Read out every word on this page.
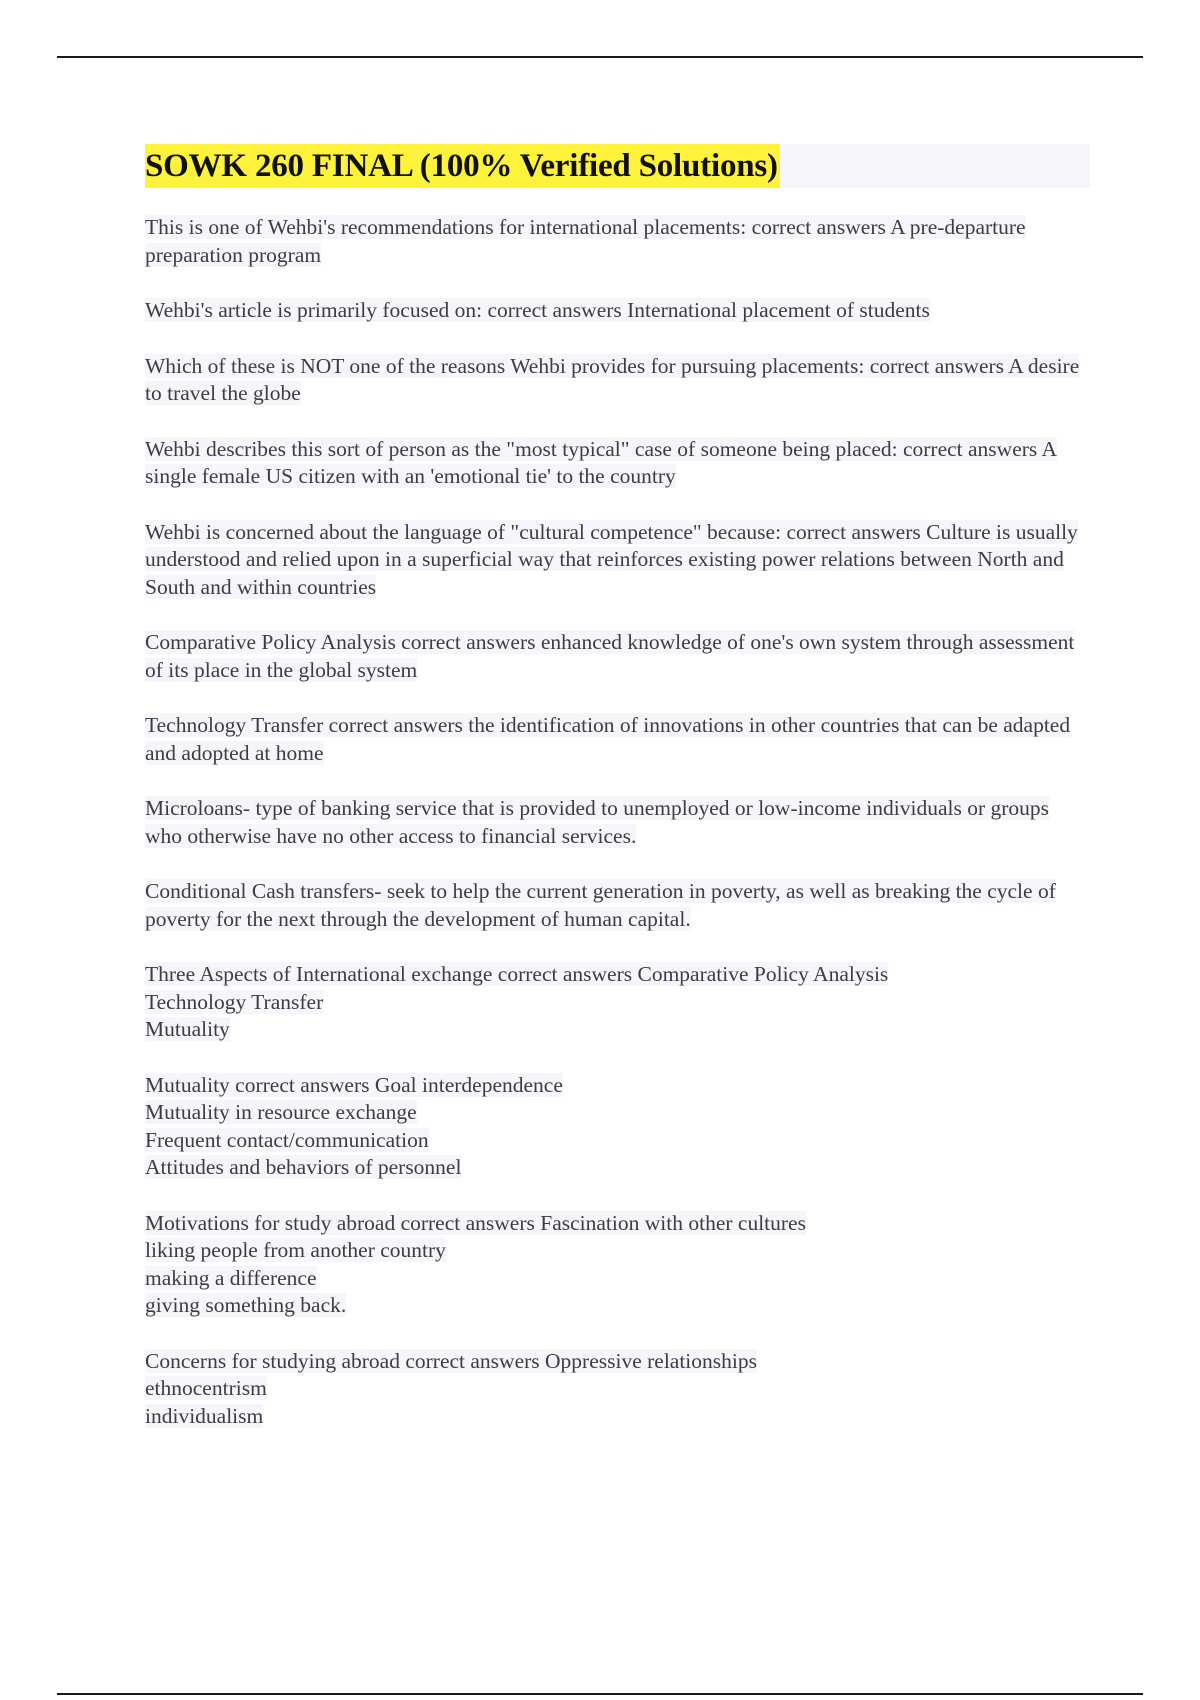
SOWK 260 FINAL (100% Verified Solutions)

This is one of Wehbi's recommendations for international placements: correct answers A pre-departure preparation program

Wehbi's article is primarily focused on: correct answers International placement of students

Which of these is NOT one of the reasons Wehbi provides for pursuing placements: correct answers A desire to travel the globe

Wehbi describes this sort of person as the "most typical" case of someone being placed: correct answers A single female US citizen with an 'emotional tie' to the country

Wehbi is concerned about the language of "cultural competence" because: correct answers Culture is usually understood and relied upon in a superficial way that reinforces existing power relations between North and South and within countries

Comparative Policy Analysis correct answers enhanced knowledge of one's own system through assessment of its place in the global system

Technology Transfer correct answers the identification of innovations in other countries that can be adapted and adopted at home

Microloans- type of banking service that is provided to unemployed or low-income individuals or groups who otherwise have no other access to financial services.

Conditional Cash transfers- seek to help the current generation in poverty, as well as breaking the cycle of poverty for the next through the development of human capital.

Three Aspects of International exchange correct answers Comparative Policy Analysis
Technology Transfer
Mutuality

Mutuality correct answers Goal interdependence
Mutuality in resource exchange
Frequent contact/communication
Attitudes and behaviors of personnel

Motivations for study abroad correct answers Fascination with other cultures
liking people from another country
making a difference
giving something back.

Concerns for studying abroad correct answers Oppressive relationships
ethnocentrism
individualism
